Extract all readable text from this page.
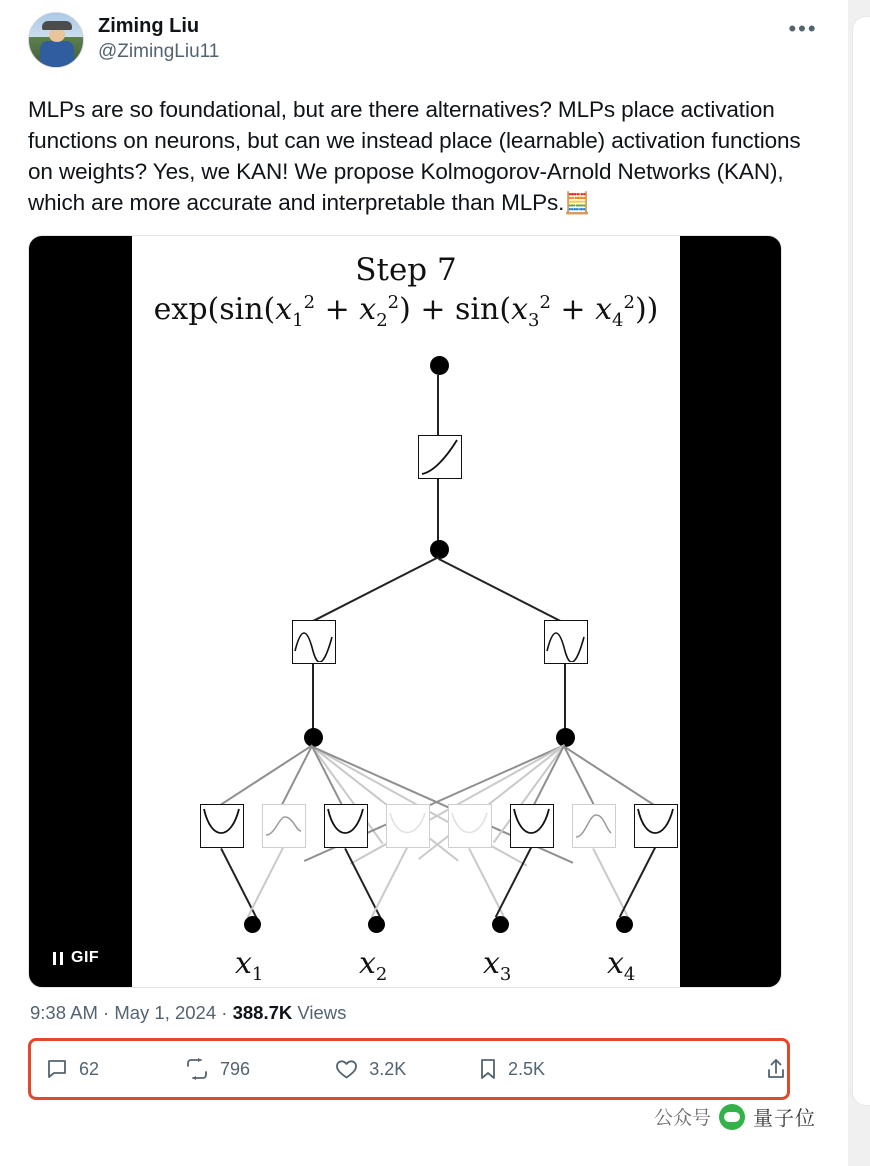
Ziming Liu
@ZimingLiu11
•••
MLPs are so foundational, but are there alternatives? MLPs place activation functions on neurons, but can we instead place (learnable) activation functions on weights? Yes, we KAN! We propose Kolmogorov-Arnold Networks (KAN), which are more accurate and interpretable than MLPs.🧮
Step 7
$\exp(\sin(x_1^2 + x_2^2) + \sin(x_3^2 + x_4^2))$
$x_1$	$x_2$	$x_3$	$x_4$
GIF
9:38 AM · May 1, 2024 · 388.7K Views
62	796	3.2K	2.5K
公众号 量子位
